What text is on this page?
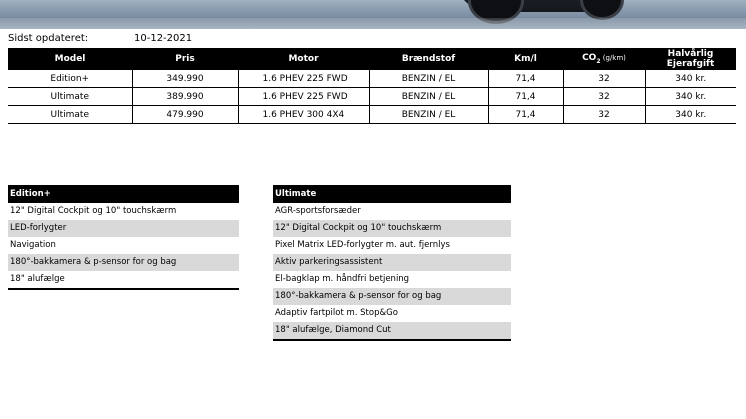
Sidst opdateret:	10-12-2021
Model	Pris	Motor	Brændstof	Km/l	$CO_2$ (g/km)	Halvårlig Ejerafgift
Edition+	349.990	1.6 PHEV 225 FWD	BENZIN / EL	71,4	32	340 kr.
Ultimate	389.990	1.6 PHEV 225 FWD	BENZIN / EL	71,4	32	340 kr.
Ultimate	479.990	1.6 PHEV 300 4X4	BENZIN / EL	71,4	32	340 kr.
Edition+
12" Digital Cockpit og 10" touchskærm
LED-forlygter
Navigation
180°-bakkamera & p-sensor for og bag
18" alufælge
Ultimate
AGR-sportsforsæder
12" Digital Cockpit og 10" touchskærm
Pixel Matrix LED-forlygter m. aut. fjernlys
Aktiv parkeringsassistent
El-bagklap m. håndfri betjening
180°-bakkamera & p-sensor for og bag
Adaptiv fartpilot m. Stop&Go
18" alufælge, Diamond Cut
